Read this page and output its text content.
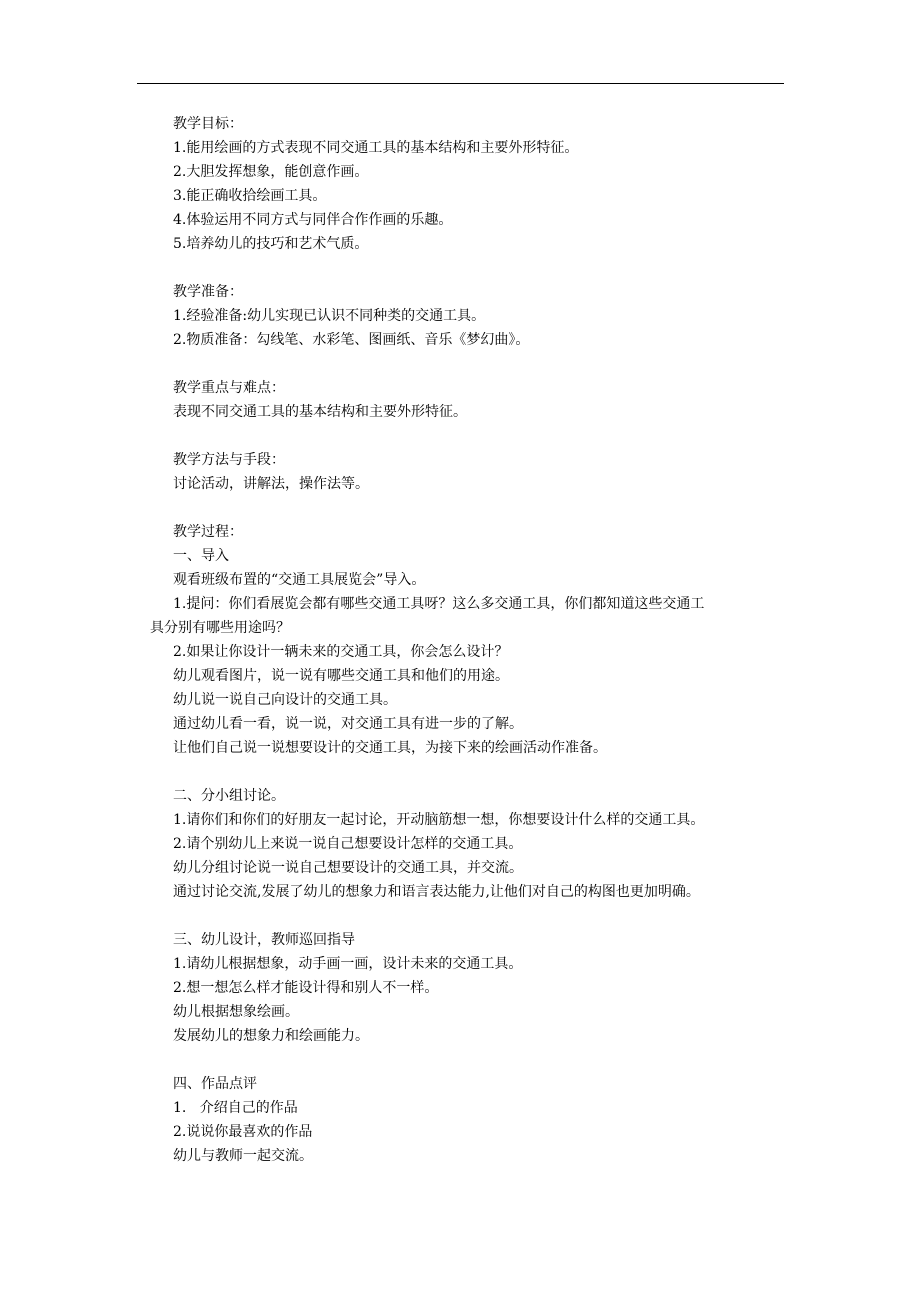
教学目标：
1.能用绘画的方式表现不同交通工具的基本结构和主要外形特征。
2.大胆发挥想象，能创意作画。
3.能正确收拾绘画工具。
4.体验运用不同方式与同伴合作作画的乐趣。
5.培养幼儿的技巧和艺术气质。
教学准备：
1.经验准备:幼儿实现已认识不同种类的交通工具。
2.物质准备：勾线笔、水彩笔、图画纸、音乐《梦幻曲》。
教学重点与难点：
表现不同交通工具的基本结构和主要外形特征。
教学方法与手段：
讨论活动，讲解法，操作法等。
教学过程：
一、导入
观看班级布置的“交通工具展览会”导入。
1.提问：你们看展览会都有哪些交通工具呀？这么多交通工具，你们都知道这些交通工
具分别有哪些用途吗？
2.如果让你设计一辆未来的交通工具，你会怎么设计？
幼儿观看图片，说一说有哪些交通工具和他们的用途。
幼儿说一说自己向设计的交通工具。
通过幼儿看一看，说一说，对交通工具有进一步的了解。
让他们自己说一说想要设计的交通工具，为接下来的绘画活动作准备。
二、分小组讨论。
1.请你们和你们的好朋友一起讨论，开动脑筋想一想，你想要设计什么样的交通工具。
2.请个别幼儿上来说一说自己想要设计怎样的交通工具。
幼儿分组讨论说一说自己想要设计的交通工具，并交流。
通过讨论交流,发展了幼儿的想象力和语言表达能力,让他们对自己的构图也更加明确。
三、幼儿设计，教师巡回指导
1.请幼儿根据想象，动手画一画，设计未来的交通工具。
2.想一想怎么样才能设计得和别人不一样。
幼儿根据想象绘画。
发展幼儿的想象力和绘画能力。
四、作品点评
1.   介绍自己的作品
2.说说你最喜欢的作品
幼儿与教师一起交流。
